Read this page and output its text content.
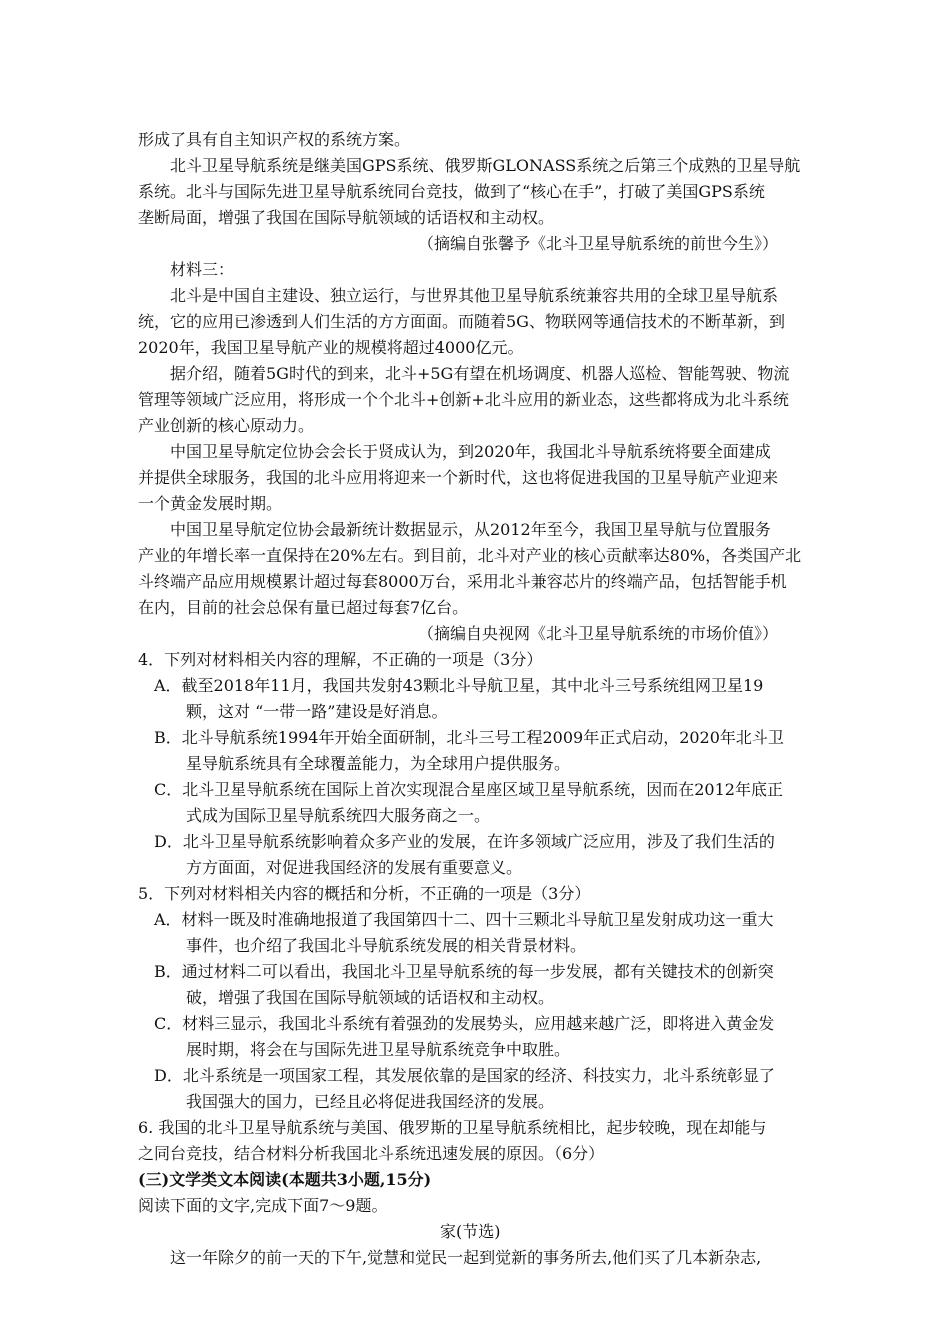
形成了具有自主知识产权的系统方案。
北斗卫星导航系统是继美国GPS系统、俄罗斯GLONASS系统之后第三个成熟的卫星导航
系统。北斗与国际先进卫星导航系统同台竞技，做到了“核心在手”，打破了美国GPS系统
垄断局面，增强了我国在国际导航领域的话语权和主动权。
（摘编自张馨予《北斗卫星导航系统的前世今生》）
材料三：
北斗是中国自主建设、独立运行，与世界其他卫星导航系统兼容共用的全球卫星导航系
统，它的应用已渗透到人们生活的方方面面。而随着5G、物联网等通信技术的不断革新，到
2020年，我国卫星导航产业的规模将超过4000亿元。
据介绍，随着5G时代的到来，北斗+5G有望在机场调度、机器人巡检、智能驾驶、物流
管理等领域广泛应用，将形成一个个北斗+创新+北斗应用的新业态，这些都将成为北斗系统
产业创新的核心原动力。
中国卫星导航定位协会会长于贤成认为，到2020年，我国北斗导航系统将要全面建成
并提供全球服务，我国的北斗应用将迎来一个新时代，这也将促进我国的卫星导航产业迎来
一个黄金发展时期。
中国卫星导航定位协会最新统计数据显示，从2012年至今，我国卫星导航与位置服务
产业的年增长率一直保持在20%左右。到目前，北斗对产业的核心贡献率达80%，各类国产北
斗终端产品应用规模累计超过每套8000万台，采用北斗兼容芯片的终端产品，包括智能手机
在内，目前的社会总保有量已超过每套7亿台。
（摘编自央视网《北斗卫星导航系统的市场价值》）
4．下列对材料相关内容的理解，不正确的一项是（3分）
A．截至2018年11月，我国共发射43颗北斗导航卫星，其中北斗三号系统组网卫星19
颗，这对 “一带一路”建设是好消息。
B．北斗导航系统1994年开始全面研制，北斗三号工程2009年正式启动，2020年北斗卫
星导航系统具有全球覆盖能力，为全球用户提供服务。
C．北斗卫星导航系统在国际上首次实现混合星座区域卫星导航系统，因而在2012年底正
式成为国际卫星导航系统四大服务商之一。
D．北斗卫星导航系统影响着众多产业的发展，在许多领域广泛应用，涉及了我们生活的
方方面面，对促进我国经济的发展有重要意义。
5．下列对材料相关内容的概括和分析，不正确的一项是（3分）
A．材料一既及时准确地报道了我国第四十二、四十三颗北斗导航卫星发射成功这一重大
事件，也介绍了我国北斗导航系统发展的相关背景材料。
B．通过材料二可以看出，我国北斗卫星导航系统的每一步发展，都有关键技术的创新突
破，增强了我国在国际导航领域的话语权和主动权。
C．材料三显示，我国北斗系统有着强劲的发展势头，应用越来越广泛，即将进入黄金发
展时期，将会在与国际先进卫星导航系统竞争中取胜。
D．北斗系统是一项国家工程，其发展依靠的是国家的经济、科技实力，北斗系统彰显了
我国强大的国力，已经且必将促进我国经济的发展。
6. 我国的北斗卫星导航系统与美国、俄罗斯的卫星导航系统相比，起步较晚，现在却能与
之同台竞技，结合材料分析我国北斗系统迅速发展的原因。（6分）
(三)文学类文本阅读(本题共3小题,15分)
阅读下面的文字,完成下面7～9题。
家(节选)
这一年除夕的前一天的下午,觉慧和觉民一起到觉新的事务所去,他们买了几本新杂志,
